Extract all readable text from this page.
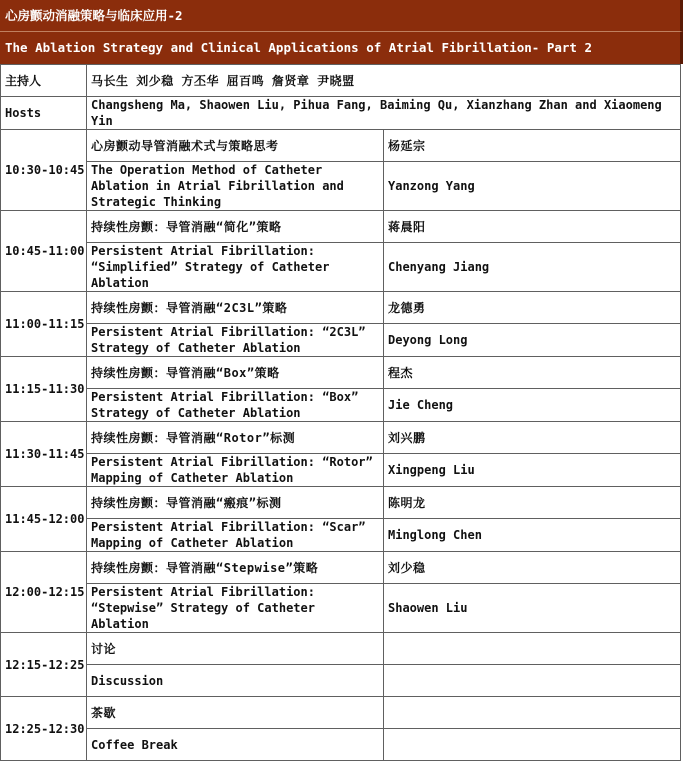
心房颤动消融策略与临床应用-2
The Ablation Strategy and Clinical Applications of Atrial Fibrillation- Part 2
主持人	马长生 刘少稳 方丕华 屈百鸣 詹贤章 尹晓盟	
Hosts	Changsheng Ma, Shaowen Liu, Pihua Fang, Baiming Qu, Xianzhang Zhan and Xiaomeng Yin	
10:30-10:45	心房颤动导管消融术式与策略思考	杨延宗
	The Operation Method of Catheter Ablation in Atrial Fibrillation and Strategic Thinking	Yanzong Yang
10:45-11:00	持续性房颤：导管消融“简化”策略	蒋晨阳
	Persistent Atrial Fibrillation: “Simplified” Strategy of Catheter Ablation	Chenyang Jiang
11:00-11:15	持续性房颤：导管消融“2C3L”策略	龙德勇
	Persistent Atrial Fibrillation: “2C3L” Strategy of Catheter Ablation	Deyong Long
11:15-11:30	持续性房颤：导管消融“Box”策略	程杰
	Persistent Atrial Fibrillation: “Box” Strategy of Catheter Ablation	Jie Cheng
11:30-11:45	持续性房颤：导管消融“Rotor”标测	刘兴鹏
	Persistent Atrial Fibrillation: “Rotor” Mapping of Catheter Ablation	Xingpeng Liu
11:45-12:00	持续性房颤：导管消融“瘢痕”标测	陈明龙
	Persistent Atrial Fibrillation: “Scar” Mapping of Catheter Ablation	Minglong Chen
12:00-12:15	持续性房颤：导管消融“Stepwise”策略	刘少稳
	Persistent Atrial Fibrillation: “Stepwise” Strategy of Catheter Ablation	Shaowen Liu
12:15-12:25	讨论	
	Discussion	
12:25-12:30	茶歇	
	Coffee Break	
